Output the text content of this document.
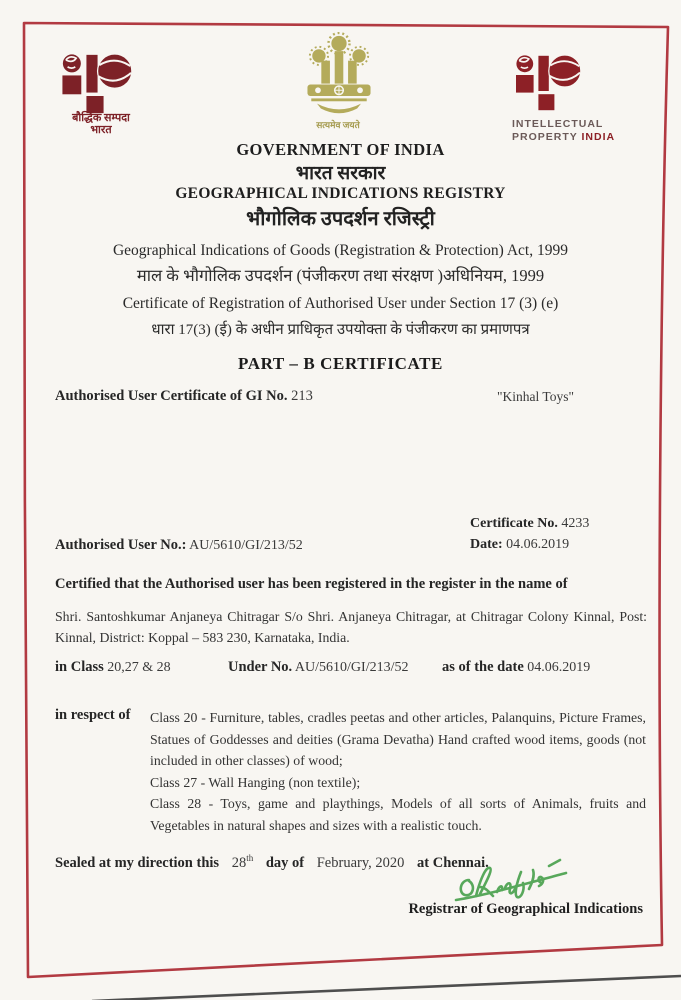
बौद्धिक सम्पदा
भारत	सत्यमेव जयते	INTELLECTUAL
PROPERTY INDIA
GOVERNMENT OF INDIA
भारत सरकार
GEOGRAPHICAL INDICATIONS REGISTRY
भौगोलिक उपदर्शन रजिस्ट्री
Geographical Indications of Goods (Registration & Protection) Act, 1999
माल के भौगोलिक उपदर्शन (पंजीकरण तथा संरक्षण )अधिनियम, 1999
Certificate of Registration of Authorised User under Section 17 (3) (e)
धारा 17(3) (ई) के अधीन प्राधिकृत उपयोक्ता के पंजीकरण का प्रमाणपत्र
PART – B CERTIFICATE
Authorised User Certificate of GI No. 213	"Kinhal Toys"
Certificate No. 4233
Date: 04.06.2019
Authorised User No.: AU/5610/GI/213/52
Certified that the Authorised user has been registered in the register in the name of
Shri. Santoshkumar Anjaneya Chitragar S/o Shri. Anjaneya Chitragar, at Chitragar Colony Kinnal, Post: Kinnal, District: Koppal – 583 230, Karnataka, India.
in Class 20,27 & 28	Under No. AU/5610/GI/213/52 as of the date 04.06.2019
in respect of Class 20 - Furniture, tables, cradles peetas and other articles, Palanquins, Picture Frames, Statues of Goddesses and deities (Grama Devatha) Hand crafted wood items, goods (not included in other classes) of wood;

Class 27 - Wall Hanging (non textile);

Class 28 - Toys, game and playthings, Models of all sorts of Animals, fruits and Vegetables in natural shapes and sizes with a realistic touch.

Sealed at my direction this 28th day of February, 2020 at Chennai.
Registrar of Geographical Indications
